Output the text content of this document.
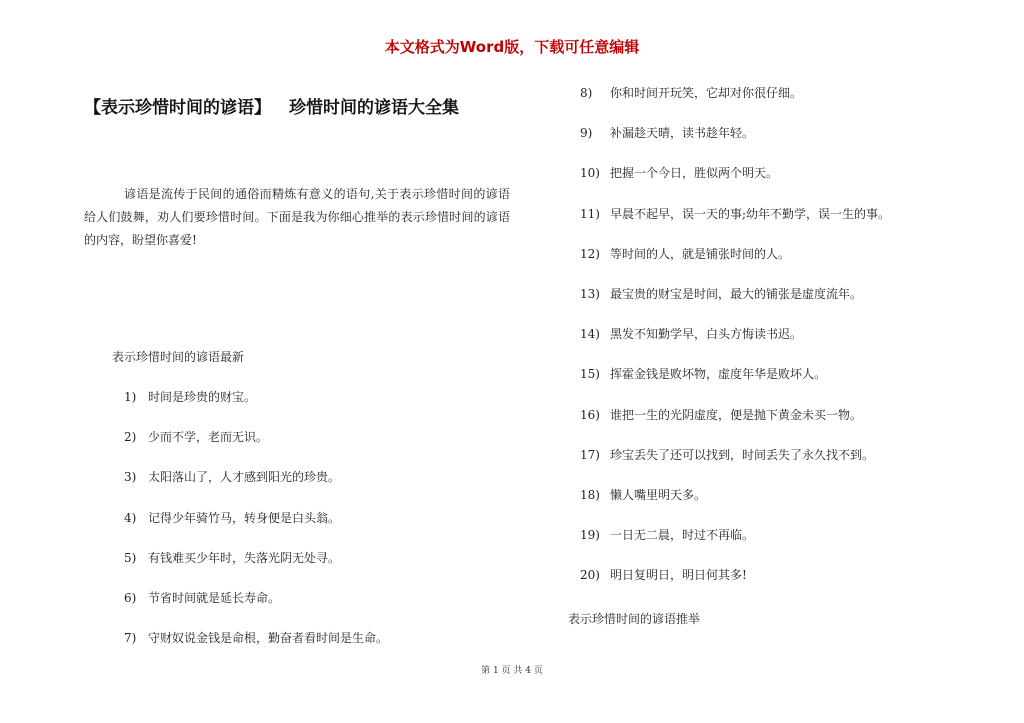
本文格式为Word版，下载可任意编辑
【表示珍惜时间的谚语】 珍惜时间的谚语大全集

谚语是流传于民间的通俗而精炼有意义的语句,关于表示珍惜时间的谚语给人们鼓舞，劝人们要珍惜时间。下面是我为你细心推举的表示珍惜时间的谚语的内容，盼望你喜爱!

表示珍惜时间的谚语最新
1) 时间是珍贵的财宝。
2) 少而不学，老而无识。
3) 太阳落山了，人才感到阳光的珍贵。
4) 记得少年骑竹马，转身便是白头翁。
5) 有钱难买少年时，失落光阴无处寻。
6) 节省时间就是延长寿命。
7) 守财奴说金钱是命根，勤奋者看时间是生命。
8) 你和时间开玩笑，它却对你很仔细。
9) 补漏趁天晴，读书趁年轻。
10) 把握一个今日，胜似两个明天。
11) 早晨不起早，误一天的事;幼年不勤学，误一生的事。
12) 等时间的人，就是铺张时间的人。
13) 最宝贵的财宝是时间，最大的铺张是虚度流年。
14) 黑发不知勤学早，白头方悔读书迟。
15) 挥霍金钱是败坏物，虚度年华是败坏人。
16) 谁把一生的光阴虚度，便是抛下黄金未买一物。
17) 珍宝丢失了还可以找到，时间丢失了永久找不到。
18) 懒人嘴里明天多。
19) 一日无二晨，时过不再临。
20) 明日复明日，明日何其多!
表示珍惜时间的谚语推举
第 1 页 共 4 页
